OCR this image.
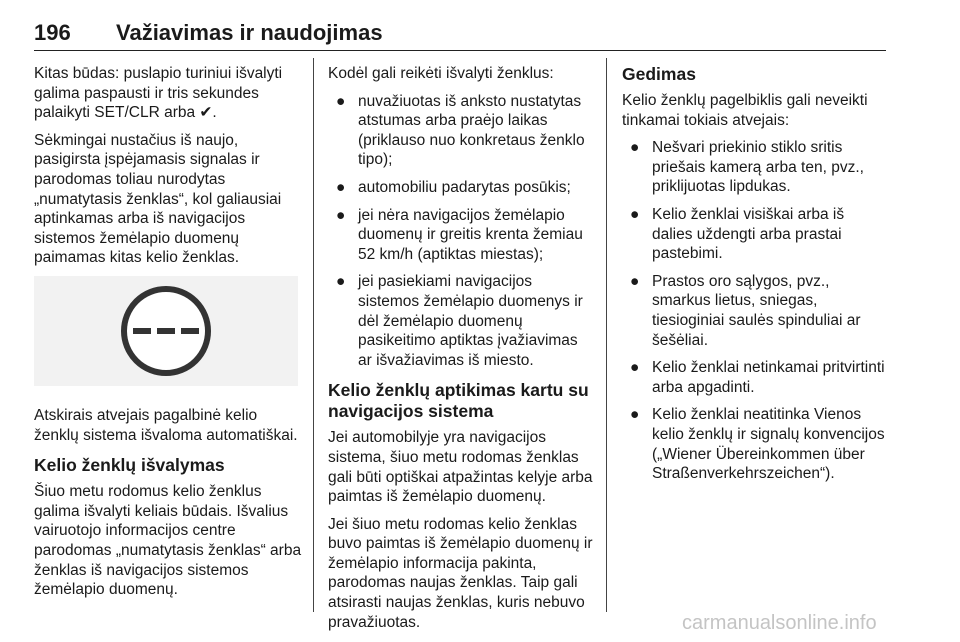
196 Važiavimas ir naudojimas

Kitas būdas: puslapio turiniui išvalyti galima paspausti ir tris sekundes palaikyti SET/CLR arba ✔.

Sėkmingai nustačius iš naujo, pasigirsta įspėjamasis signalas ir parodomas toliau nurodytas „numatytasis ženklas“, kol galiausiai aptinkamas arba iš navigacijos sistemos žemėlapio duomenų paimamas kitas kelio ženklas.

Atskirais atvejais pagalbinė kelio ženklų sistema išvaloma automatiškai.

Kelio ženklų išvalymas

Šiuo metu rodomus kelio ženklus galima išvalyti keliais būdais. Išvalius vairuotojo informacijos centre parodomas „numatytasis ženklas“ arba ženklas iš navigacijos sistemos žemėlapio duomenų.

Kodėl gali reikėti išvalyti ženklus:

● nuvažiuotas iš anksto nustatytas atstumas arba praėjo laikas (priklauso nuo konkretaus ženklo tipo);
● automobiliu padarytas posūkis;
● jei nėra navigacijos žemėlapio duomenų ir greitis krenta žemiau 52 km/h (aptiktas miestas);
● jei pasiekiami navigacijos sistemos žemėlapio duomenys ir dėl žemėlapio duomenų pasikeitimo aptiktas įvažiavimas ar išvažiavimas iš miesto.
Kelio ženklų aptikimas kartu su navigacijos sistema

Jei automobilyje yra navigacijos sistema, šiuo metu rodomas ženklas gali būti optiškai atpažintas kelyje arba paimtas iš žemėlapio duomenų.

Jei šiuo metu rodomas kelio ženklas buvo paimtas iš žemėlapio duomenų ir žemėlapio informacija pakinta, parodomas naujas ženklas. Taip gali atsirasti naujas ženklas, kuris nebuvo pravažiuotas.

Gedimas

Kelio ženklų pagelbiklis gali neveikti tinkamai tokiais atvejais:

● Nešvari priekinio stiklo sritis priešais kamerą arba ten, pvz., priklijuotas lipdukas.
● Kelio ženklai visiškai arba iš dalies uždengti arba prastai pastebimi.
● Prastos oro sąlygos, pvz., smarkus lietus, sniegas, tiesioginiai saulės spinduliai ar šešėliai.
● Kelio ženklai netinkamai pritvirtinti arba apgadinti.
● Kelio ženklai neatitinka Vienos kelio ženklų ir signalų konvencijos („Wiener Übereinkommen über Straßenverkehrszeichen“).
carmanualsonline.info
